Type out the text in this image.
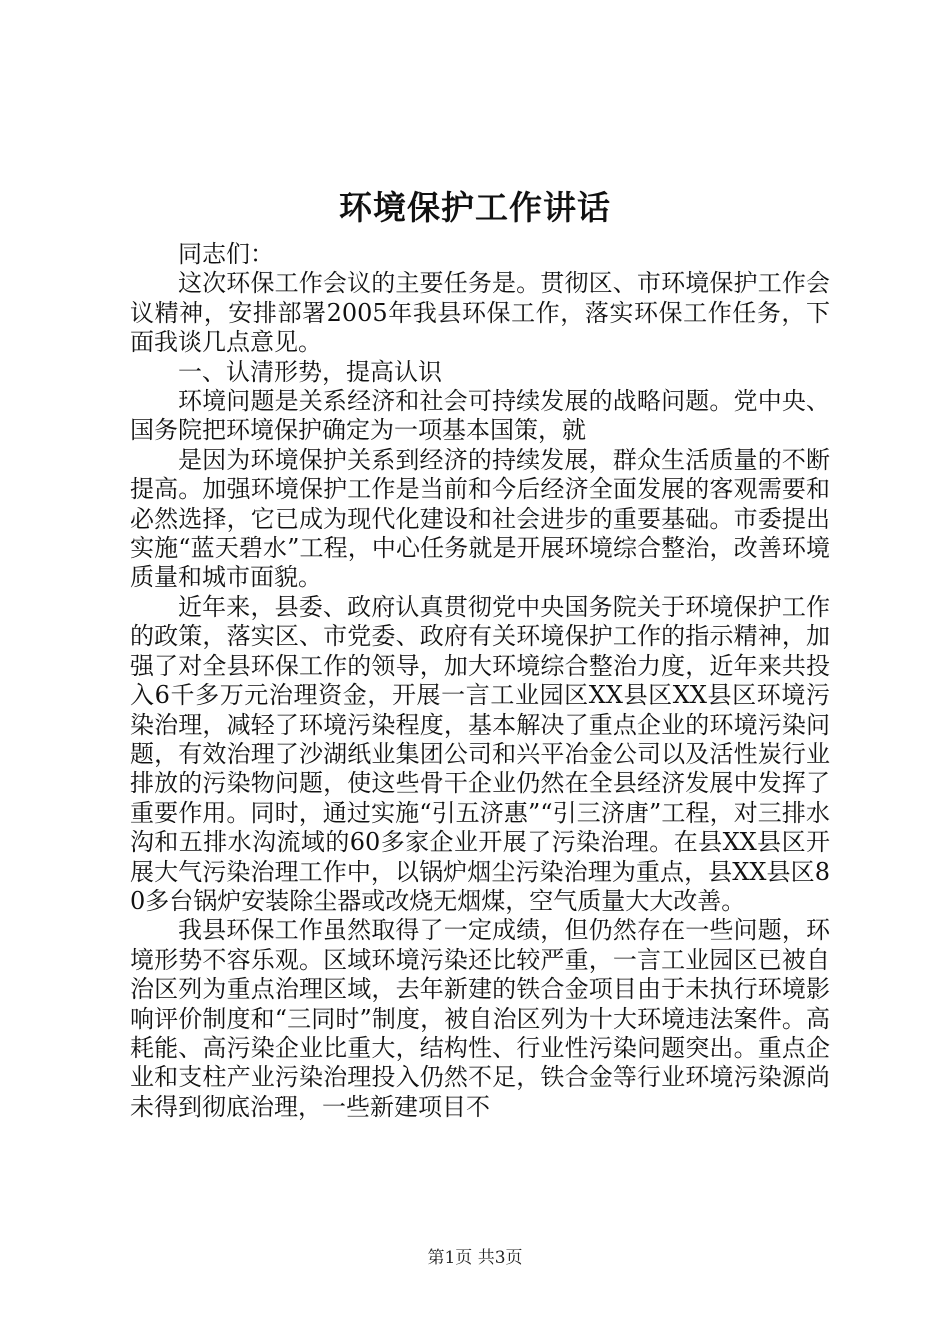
环境保护工作讲话

同志们：

这次环保工作会议的主要任务是。贯彻区、市环境保护工作会议精神，安排部署2005年我县环保工作，落实环保工作任务，下面我谈几点意见。

一、认清形势，提高认识

环境问题是关系经济和社会可持续发展的战略问题。党中央、国务院把环境保护确定为一项基本国策，就

是因为环境保护关系到经济的持续发展，群众生活质量的不断提高。加强环境保护工作是当前和今后经济全面发展的客观需要和必然选择，它已成为现代化建设和社会进步的重要基础。市委提出实施“蓝天碧水”工程，中心任务就是开展环境综合整治，改善环境质量和城市面貌。

近年来，县委、政府认真贯彻党中央国务院关于环境保护工作的政策，落实区、市党委、政府有关环境保护工作的指示精神，加强了对全县环保工作的领导，加大环境综合整治力度，近年来共投入6千多万元治理资金，开展一言工业园区XX县区XX县区环境污染治理，减轻了环境污染程度，基本解决了重点企业的环境污染问题，有效治理了沙湖纸业集团公司和兴平冶金公司以及活性炭行业排放的污染物问题，使这些骨干企业仍然在全县经济发展中发挥了重要作用。同时，通过实施“引五济惠”“引三济唐”工程，对三排水沟和五排水沟流域的60多家企业开展了污染治理。在县XX县区开展大气污染治理工作中，以锅炉烟尘污染治理为重点，县XX县区80多台锅炉安装除尘器或改烧无烟煤，空气质量大大改善。

我县环保工作虽然取得了一定成绩，但仍然存在一些问题，环境形势不容乐观。区域环境污染还比较严重，一言工业园区已被自治区列为重点治理区域，去年新建的铁合金项目由于未执行环境影响评价制度和“三同时”制度，被自治区列为十大环境违法案件。高耗能、高污染企业比重大，结构性、行业性污染问题突出。重点企业和支柱产业污染治理投入仍然不足，铁合金等行业环境污染源尚未得到彻底治理，一些新建项目不

第1页 共3页
